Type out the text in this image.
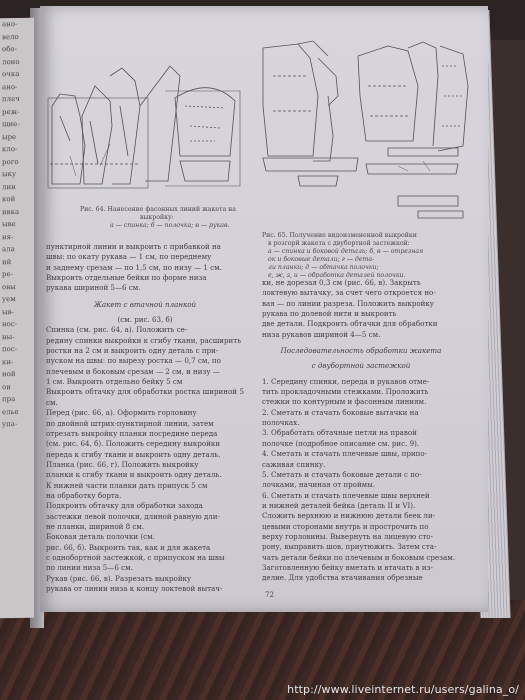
ано-
вело
обо-
лоно
очка
ано-
плеч
реж-
щие-
ыре
кло-
рого
ыку
лин
кой
ивка
ыве
ня-
ала
ий
ре-
овы
уем
ыв-
нос-
ны-
пос-
ки-
ной
ои
пра
елье
упа-
Рис. 64. Нанесение фасонных линий жакета на
выкройку:
а — спинка; б — полочка; в — рукав.
Рис. 65. Получение видоизмененной выкройки
в розгорй жакета с двубортной застежкой:
а — спинка и боковой деталь; б, в — отрезная
ок и боковые детали; г — дета-
ли планки; д — обтачка полочки;
е, ж, з, и — обработка деталей полочки.

пунктирной линии и выкроить с прибавкой на

швы: по окату рукава — 1 см, по переднему

и заднему срезам — по 1,5 см, по низу — 1 см.

Выкроить отдельные бейки по форме низа

рукава шириной 5—6 см.

Жакет с втачной планкой

(см. рис. 63, б)

Спинка (см. рис. 64, а). Положить се-

редину спинки выкройки к сгибу ткани, расширить

ростки на 2 см и выкроить одну деталь с при-

пуском на швы: по вырезу ростка — 0,7 см, по

плечевым и боковым срезам — 2 см, и низу —

1 см. Выкроить отдельно бейку 5 см

Выкроить обтачку для обработки ростка шириной 5 см.

Перед (рис. 66, а). Оформить горловину

по двойной штрих-пунктирной линии, затем

отрезать выкройку планки посредине переда

(см. рис. 64, б). Положить середину выкройки

переда к сгибу ткани и выкроить одну деталь.

Планка (рис. 66, г). Положить выкройку

планки к сгибу ткани и выкроить одну деталь.

К нижней части планки дать припуск 5 см

на обработку борта.

Подкроить обтачку для обработки захода

застежки левой полочки, длиной равную дли-

не планки, шириной 8 см.

Боковая деталь полочки (см.

рис. 66, б). Выкроить так, как и для жакета

с однобортной застежкой, с припуском на швы

по линии низа 5—6 см.

Рукав (рис. 66, в). Разрезать выкройку

рукава от линии низа к концу локтевой вытач-

ки, не дорезая 0,3 см (рис. 66, в). Закрыть

локтевую вытачку, за счет чего откроется но-

вая — по линии разреза. Положить выкройку

рукава по долевой нити и выкроить

две детали. Подкроить обтачки для обработки

низа рукавов шириной 4—5 см.

Последовательность обработки жакета

с двубортной застежкой

1. Середину спинки, переда и рукавов отме-

тить прокладочными стежками. Проложить

стежки по контурным и фасонным линиям.

2. Сметать и стачать боковые вытачки на

полочках.

3. Обработать обтачные петли на правой

полочке (подробное описание см. рис. 9).

4. Сметать и стачать плечевые швы, припо-

саживая спинку.

5. Сметать и стачать боковые детали с по-

лочками, начиная от проймы.

6. Сметать и стачать плечевые швы верхней

и нижней деталей бейка (деталь II и VI).

Сложить верхнюю и нижнюю детали беек ли-

цевыми сторонами внутрь и прострочить по

верху горловины. Вывернуть на лицевую сто-

рону, выправить шов, приутюжить. Затем ста-

чать детали бейки по плечевым и боковым срезам.

Заготовленную бейку вметать и втачать в из-

делие. Для удобства втачивания обрезные

72
http://www.liveinternet.ru/users/galina_o/
